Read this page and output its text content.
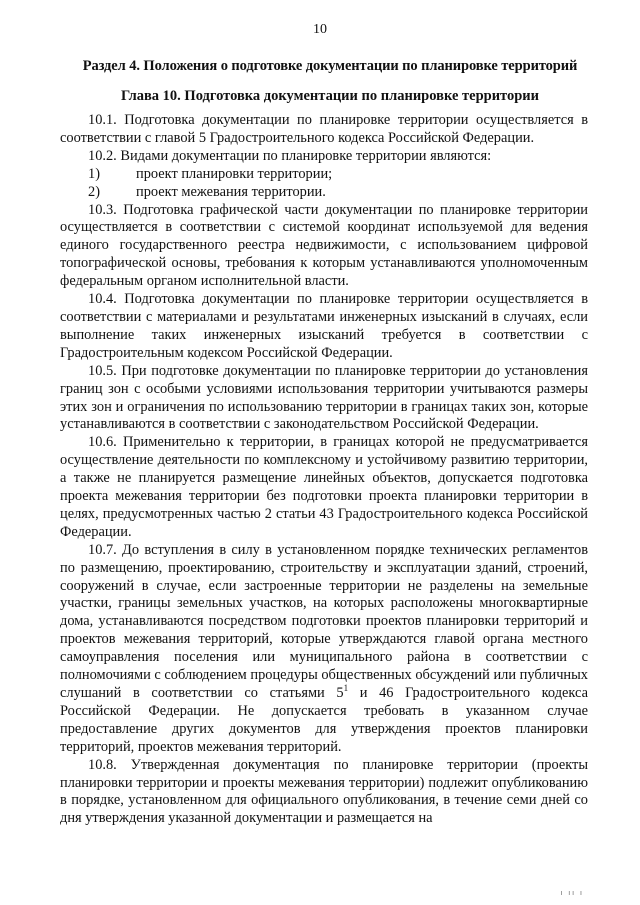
10
Раздел 4. Положения о подготовке документации по планировке территорий
Глава 10. Подготовка документации по планировке территории

10.1. Подготовка документации по планировке территории осуществляется в соответствии с главой 5 Градостроительного кодекса Российской Федерации.

10.2. Видами документации по планировке территории являются:

1)	проект планировки территории;
2)	проект межевания территории.

10.3. Подготовка графической части документации по планировке территории осуществляется в соответствии с системой координат используемой для ведения единого государственного реестра недвижимости, с использованием цифровой топографической основы, требования к которым устанавливаются уполномоченным федеральным органом исполнительной власти.

10.4. Подготовка документации по планировке территории осуществляется в соответствии с материалами и результатами инженерных изысканий в случаях, если выполнение таких инженерных изысканий требуется в соответствии с Градостроительным кодексом Российской Федерации.

10.5. При подготовке документации по планировке территории до установления границ зон с особыми условиями использования территории учитываются размеры этих зон и ограничения по использованию территории в границах таких зон, которые устанавливаются в соответствии с законодательством Российской Федерации.

10.6. Применительно к территории, в границах которой не предусматривается осуществление деятельности по комплексному и устойчивому развитию территории, а также не планируется размещение линейных объектов, допускается подготовка проекта межевания территории без подготовки проекта планировки территории в целях, предусмотренных частью 2 статьи 43 Градостроительного кодекса Российской Федерации.

10.7. До вступления в силу в установленном порядке технических регламентов по размещению, проектированию, строительству и эксплуатации зданий, строений, сооружений в случае, если застроенные территории не разделены на земельные участки, границы земельных участков, на которых расположены многоквартирные дома, устанавливаются посредством подготовки проектов планировки территорий и проектов межевания территорий, которые утверждаются главой органа местного самоуправления поселения или муниципального района в соответствии с полномочиями с соблюдением процедуры общественных обсуждений или публичных слушаний в соответствии со статьями $5^1$ и 46 Градостроительного кодекса Российской Федерации. Не допускается требовать в указанном случае предоставление других документов для утверждения проектов планировки территорий, проектов межевания территорий.

10.8. Утвержденная документация по планировке территории (проекты планировки территории и проекты межевания территории) подлежит опубликованию в порядке, установленном для официального опубликования, в течение семи дней со дня утверждения указанной документации и размещается на

ı ıı ı
